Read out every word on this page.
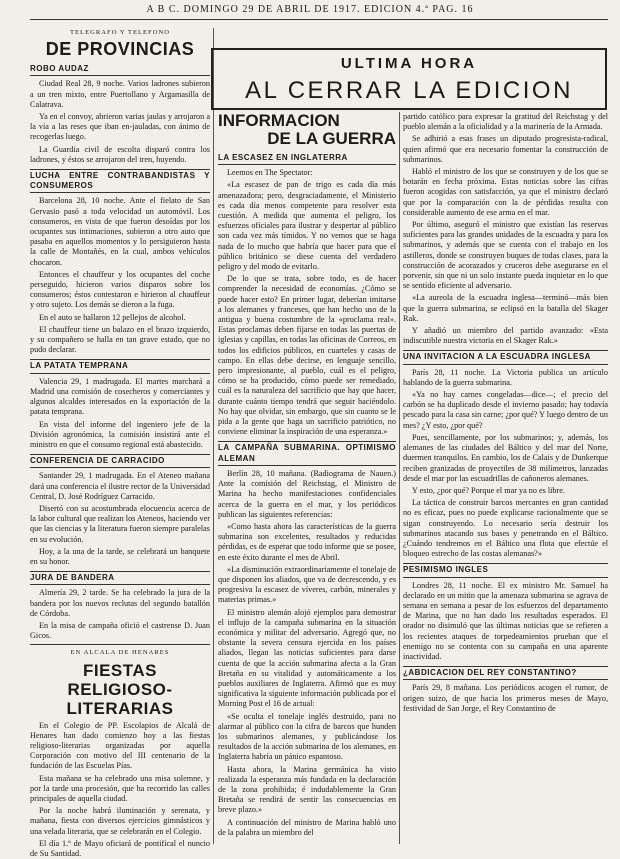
A B C. DOMINGO 29 DE ABRIL DE 1917. EDICION 4.ª PAG. 16
TELEGRAFO Y TELEFONO
DE PROVINCIAS
ROBO AUDAZ

Ciudad Real 28, 9 noche. Varios ladrones subieron a un tren mixto, entre Puertollano y Argamasilla de Calatrava.

Ya en el convoy, abrieron varias jaulas y arrojaron a la vía a las reses que iban en-jauladas, con ánimo de recogerlas luego.

La Guardia civil de escolta disparó contra los ladrones, y éstos se arrojaron del tren, huyendo.

LUCHA ENTRE CONTRABANDISTAS Y CONSUMEROS

Barcelona 28, 10 noche. Ante el fielato de San Gervasio pasó a toda velocidad un automóvil. Los consumeros, en vista de que fueron desoídas por los ocupantes sus intimaciones, subieron a otro auto que pasaba en aquellos momentos y lo persiguieron hasta la calle de Montañés, en la cual, ambos vehículos chocaron.

Entonces el chauffeur y los ocupantes del coche perseguido, hicieron varios disparos sobre los consumeros; éstos contestaron e hirieron al chauffeur y otro sujeto. Los demás se dieron a la fuga.

En el auto se hallaron 12 pellejos de alcohol.

El chauffeur tiene un balazo en el brazo izquierdo, y su compañero se halla en tan grave estado, que no pudo declarar.

LA PATATA TEMPRANA

Valencia 29, 1 madrugada. El martes marchará a Madrid una comisión de cosecheros y comerciantes y algunos alcaldes interesados en la exportación de la patata temprana.

En vista del informe del ingeniero jefe de la División agronómica, la comisión insistirá ante el ministro en que el consumo regional está abastecido.

CONFERENCIA DE CARRACIDO

Santander 29, 1 madrugada. En el Ateneo mañana dará una conferencia el ilustre rector de la Universidad Central, D. José Rodríguez Carracido.

Disertó con su acostumbrada elocuencia acerca de la labor cultural que realizan los Ateneos, haciendo ver que las ciencias y la literatura fueron siempre paralelas en su evolución.

Hoy, a la una de la tarde, se celebrará un banquete en su honor.

JURA DE BANDERA

Almería 29, 2 tarde. Se ha celebrado la jura de la bandera por los nuevos reclutas del segundo batallón de Córdoba.

En la misa de campaña ofició el castrense D. Juan Gicos.

EN ALCALA DE HENARES
FIESTAS RELIGIOSO-LITERARIAS

En el Colegio de PP. Escolapios de Alcalá de Henares han dado comienzo hoy a las fiestas religioso-literarias organizadas por aquella Corporación con motivo del III centenario de la fundación de las Escuelas Pías.

Esta mañana se ha celebrado una misa solemne, y por la tarde una procesión, que ha recorrido las calles principales de aquella ciudad.

Por la noche habrá iluminación y serenata, y mañana, fiesta con diversos ejercicios gimnásticos y una velada literaria, que se celebrarán en el Colegio.

El día 1.º de Mayo oficiará de pontifical el nuncio de Su Santidad.

ULTIMA HORA
AL CERRAR LA EDICION
INFORMACION
DE LA GUERRA
LA ESCASEZ EN INGLATERRA

Leemos en The Spectator:

«La escasez de pan de trigo es cada día más amenazadora; pero, desgraciadamente, el Ministerio es cada día menos competente para resolver esta cuestión. A medida que aumenta el peligro, los esfuerzos oficiales para ilustrar y despertar al público son cada vez más tímidos. Y no vemos que se haga nada de lo mucho que habría que hacer para que el público británico se diese cuenta del verdadero peligro y del modo de evitarlo.

De lo que se trata, sobre todo, es de hacer comprender la necesidad de economías. ¿Cómo se puede hacer esto? En primer lugar, deberían imitarse a los alemanes y franceses, que han hecho uso de la antigua y buena costumbre de la «proclama real». Estas proclamas deben fijarse en todas las puertas de iglesias y capillas, en todas las oficinas de Correos, en todos los edificios públicos, en cuarteles y casas de campo. En ellas debe decirse, en lenguaje sencillo, pero impresionante, al pueblo, cuál es el peligro, cómo se ha producido, cómo puede ser remediado, cuál es la naturaleza del sacrificio que hay que hacer, durante cuánto tiempo tendrá que seguir haciéndolo. No hay que olvidar, sin embargo, que sin cuanto se le pida a la gente que haga un sacrificio patriótico, no conviene eliminar la inspiración de una esperanza.»

LA CAMPAÑA SUBMARINA. OPTIMISMO ALEMAN

Berlín 28, 10 mañana. (Radiograma de Nauen.) Ante la comisión del Reichstag, el Ministro de Marina ha hecho manifestaciones confidenciales acerca de la guerra en el mar, y los periódicos publican las siguientes referencias:

«Como hasta ahora las características de la guerra submarina son excelentes, resultados y reducidas pérdidas, es de esperar que todo informe que se posee, en este éxito durante el mes de Abril.

»La disminución extraordinariamente el tonelaje de que disponen los aliados, que va de decrescendo, y es progresiva la escasez de víveres, carbón, minerales y materias primas.»

El ministro alemán alojó ejemplos para demostrar el influjo de la campaña submarina en la situación económica y militar del adversario. Agregó que, no obstante la severa censura ejercida en los países aliados, llegan las noticias suficientes para darse cuenta de que la acción submarina afecta a la Gran Bretaña en su vitalidad y automáticamente a los pueblos auxiliares de Inglaterra. Afirmó que es muy significativa la siguiente información publicada por el Morning Post el 16 de actual:

«Se oculta el tonelaje inglés destruido, para no alarmar al público con la cifra de barcos que hunden los submarinos alemanes, y publicándose los resultados de la acción submarina de los alemanes, en Inglaterra habría un pánico espantoso.

Hasta ahora, la Marina germánica ha visto realizada la esperanza más fundada en la declaración de la zona prohibida; é indudablemente la Gran Bretaña se rendirá de sentir las consecuencias en breve plazo.»

A continuación del ministro de Marina habló uno de la palabra un miembro del

partido católico para expresar la gratitud del Reichstag y del pueblo alemán a la oficialidad y a la marinería de la Armada.

Se adhirió a esas frases un diputado progresista-radical, quien afirmó que era necesario fomentar la construcción de submarinos.

Habló el ministro de los que se construyen y de los que se botarán en fecha próxima. Estas noticias sobre las cifras fueron acogidas con satisfacción, ya que el ministro declaró que por la comparación con la de pérdidas resulta con considerable aumento de ese arma en el mar.

Por último, aseguró el ministro que existían las reservas suficientes para las grandes unidades de la escuadra y para los submarinos, y además que se cuenta con el trabajo en los astilleros, donde se construyen buques de todas clases, para la construcción de acorazados y cruceros debe asegurarse en el porvenir, sin que ni un solo instante pueda inquietar en lo que se sentido eficiente al adversario.

«La aureola de la escuadra inglesa—terminó—más bien que la guerra submarina, se eclipsó en la batalla del Skager Rak.

Y añadió un miembro del partido avanzado: «Esta indiscutible nuestra victoria en el Skager Rak.»

UNA INVITACION A LA ESCUADRA INGLESA

París 28, 11 noche. La Victoria publica un artículo hablando de la guerra submarina.

«Ya no hay carnes congeladas—dice—; el precio del carbón se ha duplicado desde el invierno pasado; hay todavía pescado para la casa sin carne; ¿por qué? Y luego dentro de un mes? ¿Y esto, ¿por qué?

Pues, sencillamente, por los submarinos; y, además, los alemanes de las ciudades del Báltico y del mar del Norte, duermen tranquilos. En cambio, los de Calais y de Dunkerque reciben granizadas de proyectiles de 38 milímetros, lanzadas desde el mar por las escuadrillas de cañoneros alemanes.

Y esto, ¿por qué? Porque el mar ya no es libre.

La táctica de construir barcos mercantes en gran cantidad no es eficaz, pues no puede explicarse racionalmente que se sigan construyendo. Lo necesario sería destruir los submarinos atacando sus bases y penetrando en el Báltico. ¿Cuándo tendremos en el Báltico una flota que efectúe el bloqueo estrecho de las costas alemanas?»

PESIMISMO INGLES

Londres 28, 11 noche. El ex ministro Mr. Samuel ha declarado en un mitin que la amenaza submarina se agrava de semana en semana a pesar de los esfuerzos del departamento de Marina, que no han dado los resultados esperados. El orador no disimuló que las últimas noticias que se refieren a los recientes ataques de torpedeamientos prueban que el enemigo no se contenta con su campaña en una aparente inactividad.

¿ABDICACION DEL REY CONSTANTINO?

París 29, 8 mañana. Los periódicos acogen el rumor, de origen suizo, de que hacia los primeros meses de Mayo, festividad de San Jorge, el Rey Constantino de
